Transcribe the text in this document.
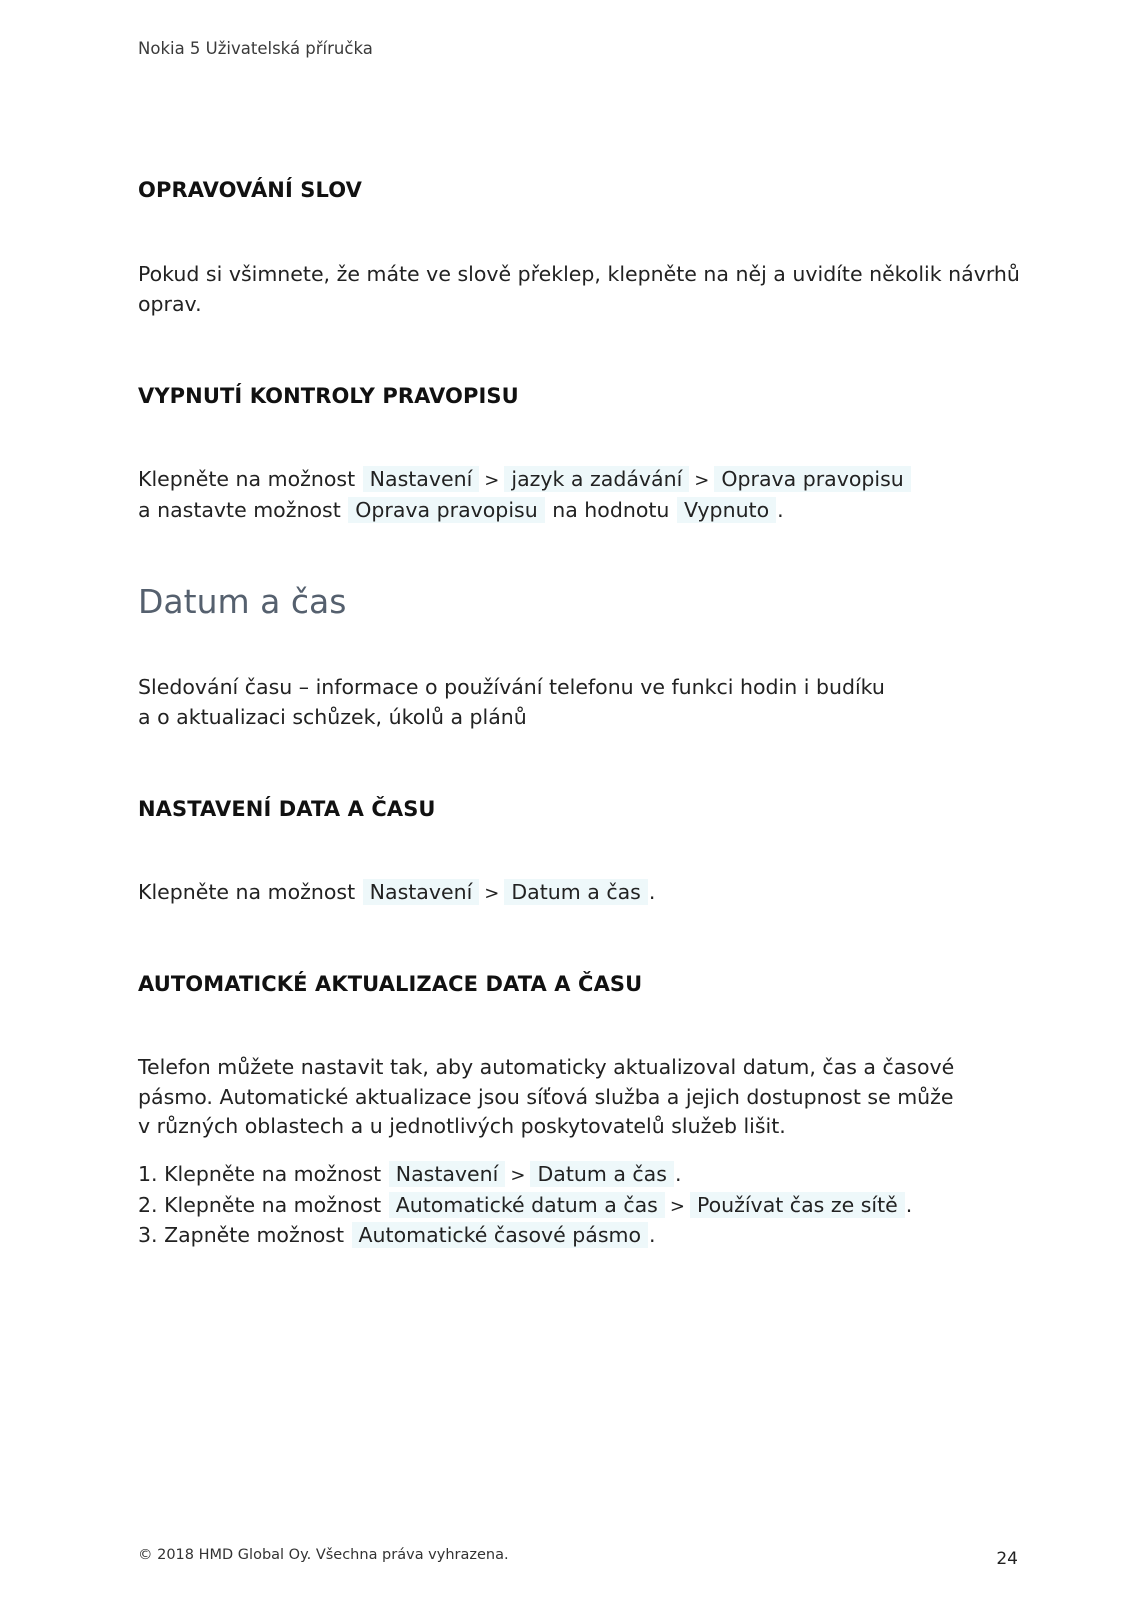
Nokia 5 Uživatelská příručka
OPRAVOVÁNÍ SLOV
Pokud si všimnete, že máte ve slově překlep, klepněte na něj a uvidíte několik návrhů
oprav.
VYPNUTÍ KONTROLY PRAVOPISU
Klepněte na možnost Nastavení > jazyk a zadávání > Oprava pravopisu
a nastavte možnost Oprava pravopisu na hodnotu Vypnuto .
Datum a čas
Sledování času – informace o používání telefonu ve funkci hodin i budíku
a o aktualizaci schůzek, úkolů a plánů
NASTAVENÍ DATA A ČASU
Klepněte na možnost Nastavení > Datum a čas .
AUTOMATICKÉ AKTUALIZACE DATA A ČASU
Telefon můžete nastavit tak, aby automaticky aktualizoval datum, čas a časové
pásmo. Automatické aktualizace jsou síťová služba a jejich dostupnost se může
v různých oblastech a u jednotlivých poskytovatelů služeb lišit.
1. Klepněte na možnost Nastavení > Datum a čas .
2. Klepněte na možnost Automatické datum a čas > Používat čas ze sítě .
3. Zapněte možnost Automatické časové pásmo .
© 2018 HMD Global Oy. Všechna práva vyhrazena.	24
